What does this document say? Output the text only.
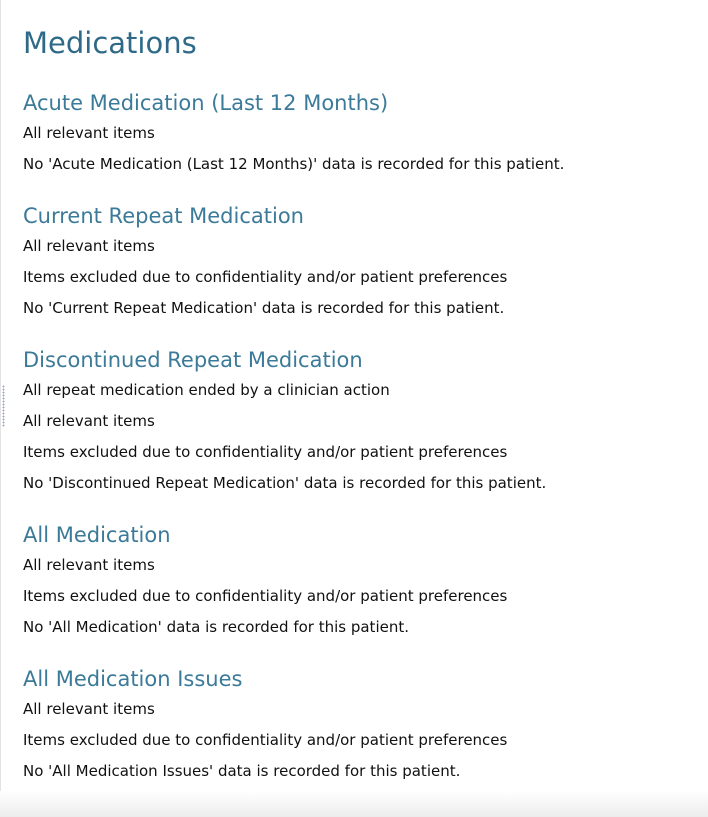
Medications
Acute Medication (Last 12 Months)
All relevant items
No 'Acute Medication (Last 12 Months)' data is recorded for this patient.
Current Repeat Medication
All relevant items
Items excluded due to confidentiality and/or patient preferences
No 'Current Repeat Medication' data is recorded for this patient.
Discontinued Repeat Medication
All repeat medication ended by a clinician action
All relevant items
Items excluded due to confidentiality and/or patient preferences
No 'Discontinued Repeat Medication' data is recorded for this patient.
All Medication
All relevant items
Items excluded due to confidentiality and/or patient preferences
No 'All Medication' data is recorded for this patient.
All Medication Issues
All relevant items
Items excluded due to confidentiality and/or patient preferences
No 'All Medication Issues' data is recorded for this patient.
